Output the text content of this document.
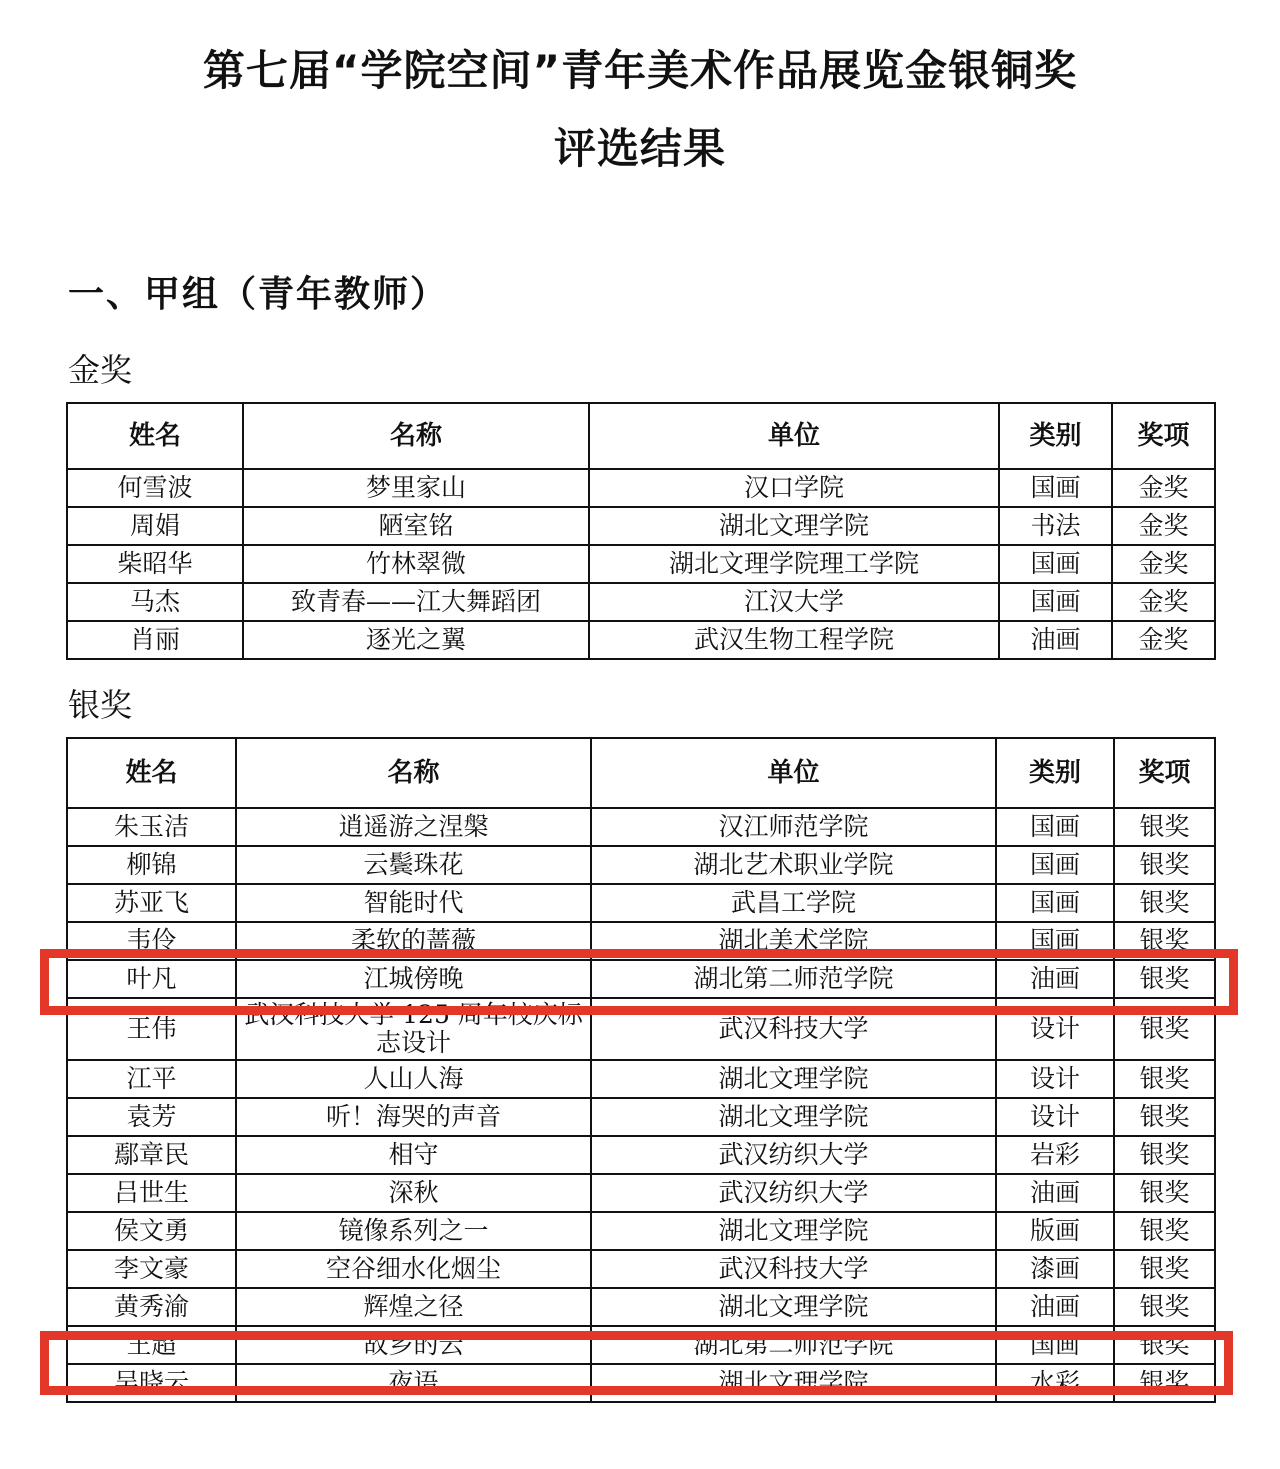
第七届“学院空间”青年美术作品展览金银铜奖
评选结果
一、甲组（青年教师）
金奖
姓名	名称	单位	类别	奖项
何雪波	梦里家山	汉口学院	国画	金奖
周娟	陋室铭	湖北文理学院	书法	金奖
柴昭华	竹林翠微	湖北文理学院理工学院	国画	金奖
马杰	致青春——江大舞蹈团	江汉大学	国画	金奖
肖丽	逐光之翼	武汉生物工程学院	油画	金奖
银奖
姓名	名称	单位	类别	奖项
朱玉洁	逍遥游之涅槃	汉江师范学院	国画	银奖
柳锦	云鬓珠花	湖北艺术职业学院	国画	银奖
苏亚飞	智能时代	武昌工学院	国画	银奖
韦伶	柔软的蔷薇	湖北美术学院	国画	银奖
叶凡	江城傍晚	湖北第二师范学院	油画	银奖
王伟	武汉科技大学 125 周年校庆标志设计	武汉科技大学	设计	银奖
江平	人山人海	湖北文理学院	设计	银奖
袁芳	听！海哭的声音	湖北文理学院	设计	银奖
鄢章民	相守	武汉纺织大学	岩彩	银奖
吕世生	深秋	武汉纺织大学	油画	银奖
侯文勇	镜像系列之一	湖北文理学院	版画	银奖
李文豪	空谷细水化烟尘	武汉科技大学	漆画	银奖
黄秀渝	辉煌之径	湖北文理学院	油画	银奖
王超	故乡的云	湖北第二师范学院	国画	银奖
吴晓云	夜语	湖北文理学院	水彩	银奖
